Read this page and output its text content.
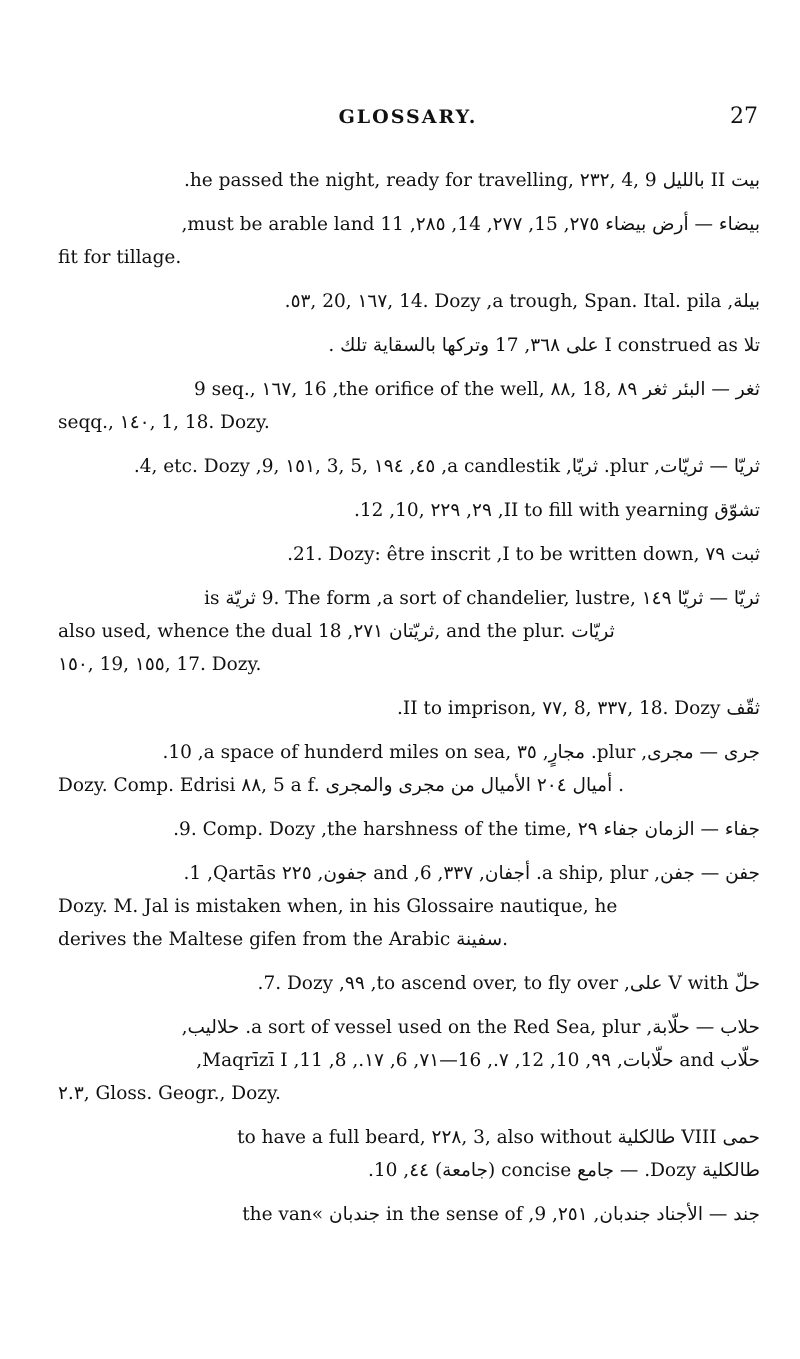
GLOSSARY.	27
بيت II بالليل he passed the night, ready for travelling, ۲۳۲, 4, 9.
بيضاء — أرض بيضاء ۲۷٥, 15, ۲۷۷, 14, ۲۸٥, 11 must be arable land,
fit for tillage.
بيلة, a trough, Span. Ital. pila, ٥۳, 20, ۱٦۷, 14. Dozy.
تلا I construed as على ۳٦۸, 17 وتركها بالسقاية تلك .
ثغر — البئر ثغر the orifice of the well, ۸۸, 18, ۸٩, 9 seq., ۱٦۷, 16
seqq., ۱٤۰, 1, 18. Dozy.
ثريّا — ثريّات, plur. ثريّا, a candlestik, ٤٥, 9, ۱٥۱, 3, 5, ۱٩٤, 4, etc. Dozy.
تشوّق II to fill with yearning, ٢٩, 10, ۲۲٩, 12.
ثبت I to be written down, ۷٩, 21. Dozy: être inscrit.
ثريّا — ثريّا a sort of chandelier, lustre, ۱٤٩, 9. The form ثريّة is
also used, whence the dual ثريّتان ۲۷۱, 18, and the plur. ثريّات
۱٥۰, 19, ۱٥٥, 17. Dozy.
ثقّف II to imprison, ۷۷, 8, ۳۳۷, 18. Dozy.
جرى — مجرى, plur. مجارٍ, a space of hunderd miles on sea, ۳٥, 10.
Dozy. Comp. Edrisi ۸۸, 5 a f. أميال ۲۰٤ الأميال من مجرى والمجرى .
جفاء — الزمان جفاء the harshness of the time, ۲٩, 9. Comp. Dozy.
جفن — جفن, a ship, plur. أجفان, ۳۳۷, 6, and جفون, Qartās ۲۲٥, 1.
Dozy. M. Jal is mistaken when, in his Glossaire nautique, he
derives the Maltese gifen from the Arabic سفينة.
حلّ V with على, to ascend over, to fly over, ٩٩, 7. Dozy.
حلاب — حلّابة, a sort of vessel used on the Red Sea, plur. حلاليب,
حلّاب and حلّابات, ٩٩, 10, 12, ۷., 16—۷۱, 6, ۱۷., 8, 11, Maqrīzī I,
۲.۳, Gloss. Geogr., Dozy.
حمى VIII طالكلية to have a full beard, ۲۲۸, 3, also without
طالكلية Dozy. — جامع concise (جامعة) ٤٤, 10.
جند — الأجناد جندبان, ۲٥۱, 9, in the sense of جندبان »the van
